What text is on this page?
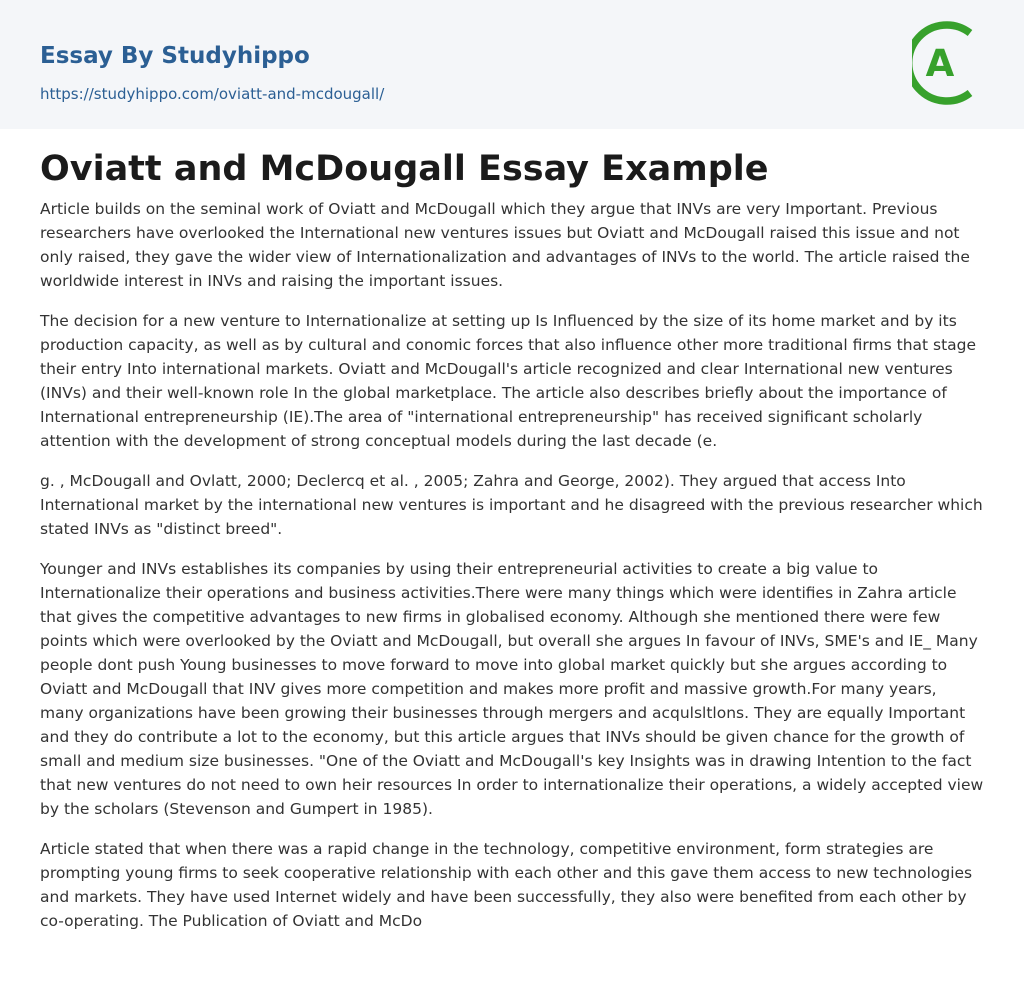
Essay By Studyhippo
https://studyhippo.com/oviatt-and-mcdougall/
A
Oviatt and McDougall Essay Example

Article builds on the seminal work of Oviatt and McDougall which they argue that INVs are very Important. Previous researchers have overlooked the International new ventures issues but Oviatt and McDougall raised this issue and not only raised, they gave the wider view of Internationalization and advantages of INVs to the world. The article raised the worldwide interest in INVs and raising the important issues.

The decision for a new venture to Internationalize at setting up Is Influenced by the size of its home market and by its production capacity, as well as by cultural and conomic forces that also influence other more traditional firms that stage their entry Into international markets. Oviatt and McDougall's article recognized and clear International new ventures (INVs) and their well-known role In the global marketplace. The article also describes briefly about the importance of International entrepreneurship (IE).The area of "international entrepreneurship" has received significant scholarly attention with the development of strong conceptual models during the last decade (e.

g. , McDougall and Ovlatt, 2000; Declercq et al. , 2005; Zahra and George, 2002). They argued that access Into International market by the international new ventures is important and he disagreed with the previous researcher which stated INVs as "distinct breed".

Younger and INVs establishes its companies by using their entrepreneurial activities to create a big value to Internationalize their operations and business activities.There were many things which were identifies in Zahra article that gives the competitive advantages to new firms in globalised economy. Although she mentioned there were few points which were overlooked by the Oviatt and McDougall, but overall she argues In favour of INVs, SME's and IE_ Many people dont push Young businesses to move forward to move into global market quickly but she argues according to Oviatt and McDougall that INV gives more competition and makes more profit and massive growth.For many years, many organizations have been growing their businesses through mergers and acqulsltlons. They are equally Important and they do contribute a lot to the economy, but this article argues that INVs should be given chance for the growth of small and medium size businesses. "One of the Oviatt and McDougall's key Insights was in drawing Intention to the fact that new ventures do not need to own heir resources In order to internationalize their operations, a widely accepted view by the scholars (Stevenson and Gumpert in 1985).

Article stated that when there was a rapid change in the technology, competitive environment, form strategies are prompting young firms to seek cooperative relationship with each other and this gave them access to new technologies and markets. They have used Internet widely and have been successfully, they also were benefited from each other by co-operating. The Publication of Oviatt and McDo
